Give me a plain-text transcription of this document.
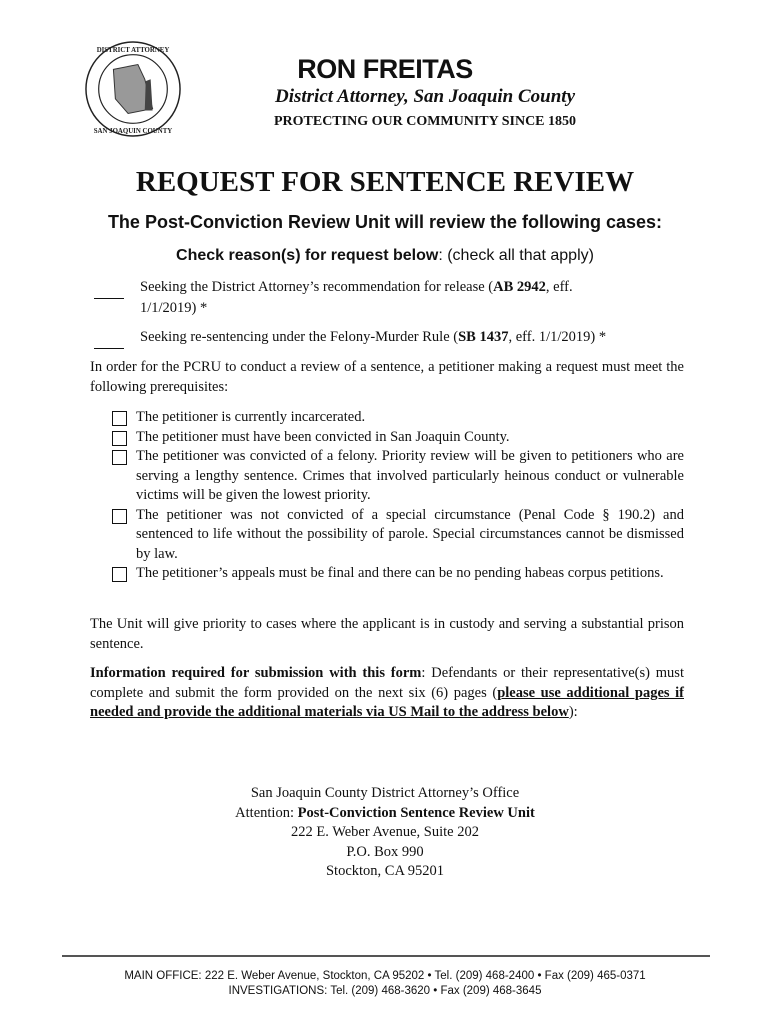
DISTRICT ATTORNEY
SAN JOAQUIN COUNTY
RON FREITAS
District Attorney, San Joaquin County
PROTECTING OUR COMMUNITY SINCE 1850
REQUEST FOR SENTENCE REVIEW
The Post-Conviction Review Unit will review the following cases:
Check reason(s) for request below: (check all that apply)
Seeking the District Attorney’s recommendation for release (AB 2942, eff.
1/1/2019) *
Seeking re-sentencing under the Felony-Murder Rule (SB 1437, eff. 1/1/2019) *
In order for the PCRU to conduct a review of a sentence, a petitioner making a request must meet the following prerequisites:
The petitioner is currently incarcerated.
The petitioner must have been convicted in San Joaquin County.
The petitioner was convicted of a felony. Priority review will be given to petitioners who are serving a lengthy sentence. Crimes that involved particularly heinous conduct or vulnerable victims will be given the lowest priority.
The petitioner was not convicted of a special circumstance (Penal Code § 190.2) and sentenced to life without the possibility of parole. Special circumstances cannot be dismissed by law.
The petitioner’s appeals must be final and there can be no pending habeas corpus petitions.
The Unit will give priority to cases where the applicant is in custody and serving a substantial prison sentence.
Information required for submission with this form: Defendants or their representative(s) must complete and submit the form provided on the next six (6) pages (please use additional pages if needed and provide the additional materials via US Mail to the address below):
San Joaquin County District Attorney’s Office
Attention: Post-Conviction Sentence Review Unit
222 E. Weber Avenue, Suite 202
P.O. Box 990
Stockton, CA 95201
MAIN OFFICE: 222 E. Weber Avenue, Stockton, CA 95202 • Tel. (209) 468-2400 • Fax (209) 465-0371
INVESTIGATIONS: Tel. (209) 468-3620 • Fax (209) 468-3645
